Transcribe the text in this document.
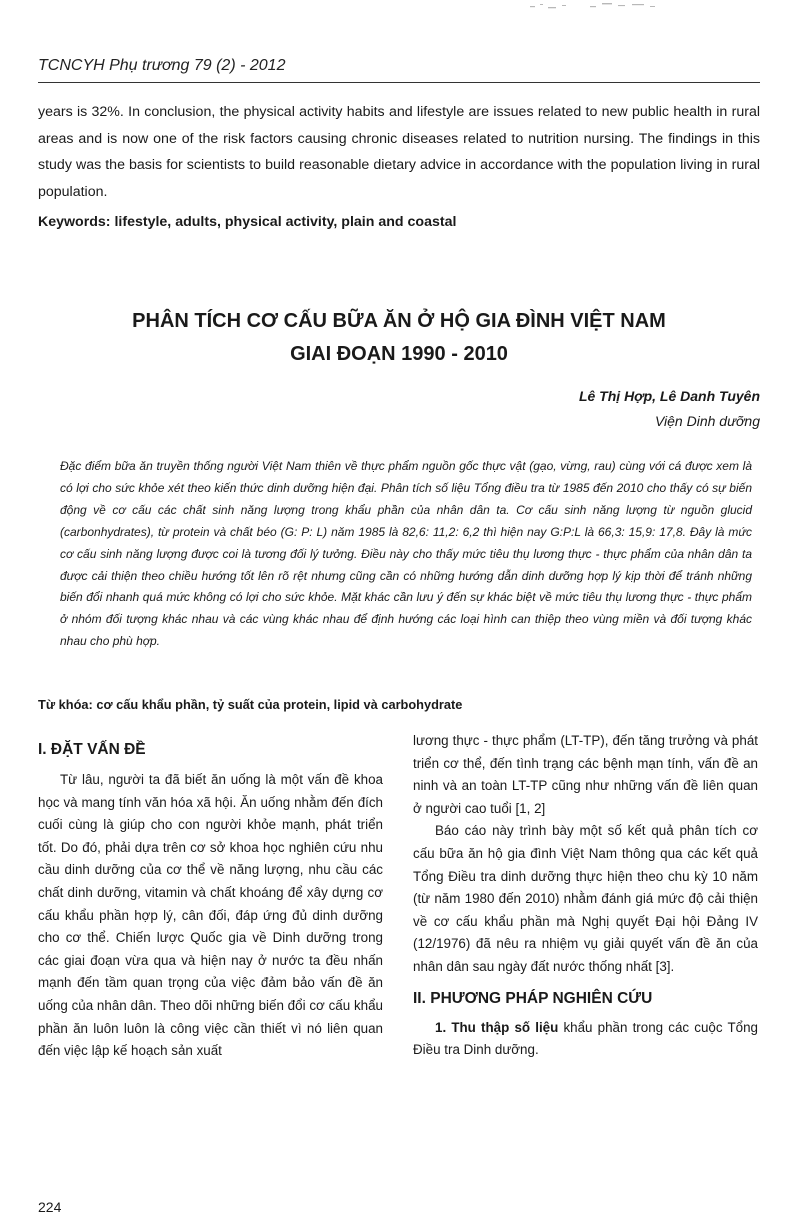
TCNCYH Phụ trương 79 (2) - 2012

years is 32%. In conclusion, the physical activity habits and lifestyle are issues related to new public health in rural areas and is now one of the risk factors causing chronic diseases related to nutrition nursing. The findings in this study was the basis for scientists to build reasonable dietary advice in accordance with the population living in rural population.

Keywords: lifestyle, adults, physical activity, plain and coastal

PHÂN TÍCH CƠ CẤU BỮA ĂN Ở HỘ GIA ĐÌNH VIỆT NAM
GIAI ĐOẠN 1990 - 2010

Lê Thị Hợp, Lê Danh Tuyên

Viện Dinh dưỡng

Đặc điểm bữa ăn truyền thống người Việt Nam thiên về thực phẩm nguồn gốc thực vật (gạo, vừng, rau) cùng với cá được xem là có lợi cho sức khỏe xét theo kiến thức dinh dưỡng hiện đại. Phân tích số liệu Tổng điều tra từ 1985 đến 2010 cho thấy có sự biến động về cơ cấu các chất sinh năng lượng trong khẩu phần của nhân dân ta. Cơ cấu sinh năng lượng từ nguồn glucid (carbonhydrates), từ protein và chất béo (G: P: L) năm 1985 là 82,6: 11,2: 6,2 thì hiện nay G:P:L là 66,3: 15,9: 17,8. Đây là mức cơ cấu sinh năng lượng được coi là tương đối lý tưởng. Điều này cho thấy mức tiêu thụ lương thực - thực phẩm của nhân dân ta được cải thiện theo chiều hướng tốt lên rõ rệt nhưng cũng cần có những hướng dẫn dinh dưỡng hợp lý kịp thời để tránh những biến đổi nhanh quá mức không có lợi cho sức khỏe. Mặt khác cần lưu ý đến sự khác biệt về mức tiêu thụ lương thực - thực phẩm ở nhóm đối tượng khác nhau và các vùng khác nhau để định hướng các loại hình can thiệp theo vùng miền và đối tượng khác nhau cho phù hợp.

Từ khóa: cơ cấu khẩu phần, tỷ suất của protein, lipid và carbohydrate

I. ĐẶT VẤN ĐỀ

Từ lâu, người ta đã biết ăn uống là một vấn đề khoa học và mang tính văn hóa xã hội. Ăn uống nhằm đến đích cuối cùng là giúp cho con người khỏe mạnh, phát triển tốt. Do đó, phải dựa trên cơ sở khoa học nghiên cứu nhu cầu dinh dưỡng của cơ thể về năng lượng, nhu cầu các chất dinh dưỡng, vitamin và chất khoáng để xây dựng cơ cấu khẩu phần hợp lý, cân đối, đáp ứng đủ dinh dưỡng cho cơ thể. Chiến lược Quốc gia về Dinh dưỡng trong các giai đoạn vừa qua và hiện nay ở nước ta đều nhấn mạnh đến tầm quan trọng của việc đảm bảo vấn đề ăn uống của nhân dân. Theo dõi những biến đổi cơ cấu khẩu phần ăn luôn luôn là công việc cần thiết vì nó liên quan đến việc lập kế hoạch sản xuất

lương thực - thực phẩm (LT-TP), đến tăng trưởng và phát triển cơ thể, đến tình trạng các bệnh mạn tính, vấn đề an ninh và an toàn LT-TP cũng như những vấn đề liên quan ở người cao tuổi [1, 2]

Báo cáo này trình bày một số kết quả phân tích cơ cấu bữa ăn hộ gia đình Việt Nam thông qua các kết quả Tổng Điều tra dinh dưỡng thực hiện theo chu kỳ 10 năm (từ năm 1980 đến 2010) nhằm đánh giá mức độ cải thiện về cơ cấu khẩu phần mà Nghị quyết Đại hội Đảng IV (12/1976) đã nêu ra nhiệm vụ giải quyết vấn đề ăn của nhân dân sau ngày đất nước thống nhất [3].

II. PHƯƠNG PHÁP NGHIÊN CỨU

1. Thu thập số liệu khẩu phần trong các cuộc Tổng Điều tra Dinh dưỡng.

224
